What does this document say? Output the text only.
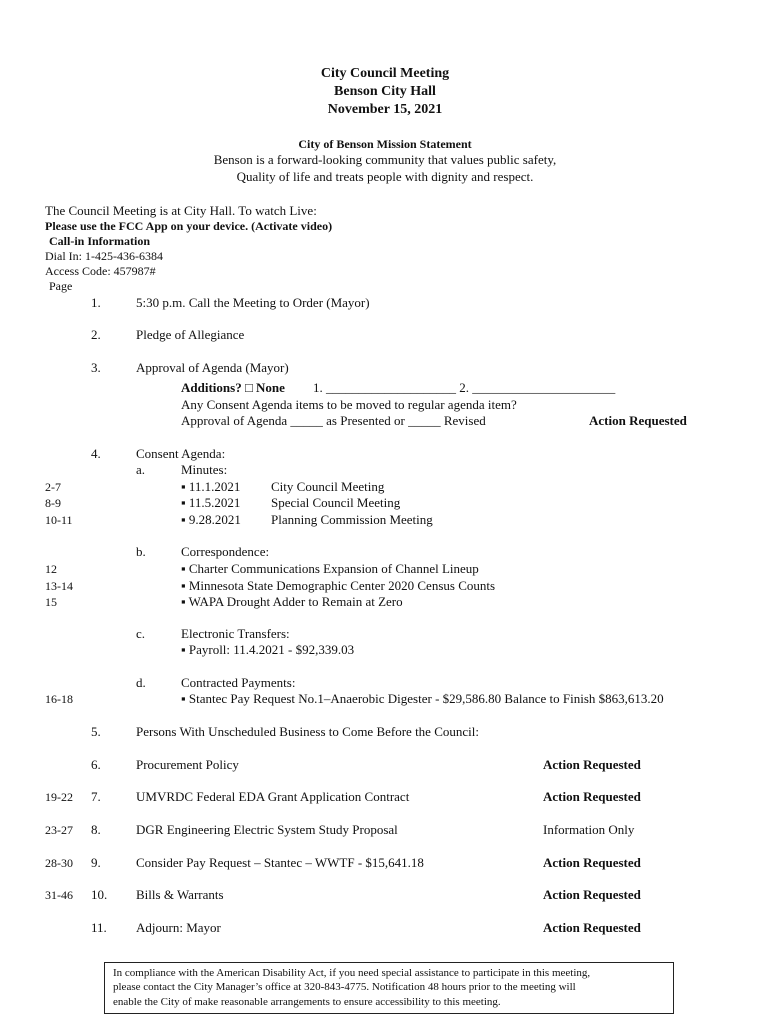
City Council Meeting
Benson City Hall
November 15, 2021
City of Benson Mission Statement
Benson is a forward-looking community that values public safety,
Quality of life and treats people with dignity and respect.
The Council Meeting is at City Hall. To watch Live:
Please use the FCC App on your device. (Activate video)
Call-in Information
Dial In: 1-425-436-6384
Access Code: 457987#
Page
1.	5:30 p.m. Call the Meeting to Order (Mayor)
2.	Pledge of Allegiance
3.	Approval of Agenda (Mayor)
Additions? □ None 1. ____________________ 2. ______________________
Any Consent Agenda items to be moved to regular agenda item?
Approval of Agenda _____ as Presented or _____ Revised	Action Requested
4.	Consent Agenda:
a.	Minutes:
2-7	▪ 11.1.2021 City Council Meeting
8-9	▪ 11.5.2021 Special Council Meeting
10-11	▪ 9.28.2021 Planning Commission Meeting
b.	Correspondence:
12	▪ Charter Communications Expansion of Channel Lineup
13-14	▪ Minnesota State Demographic Center 2020 Census Counts
15	▪ WAPA Drought Adder to Remain at Zero
c.	Electronic Transfers:
▪ Payroll: 11.4.2021 - $92,339.03
d.	Contracted Payments:
16-18	▪ Stantec Pay Request No.1–Anaerobic Digester - $29,586.80 Balance to Finish $863,613.20
5.	Persons With Unscheduled Business to Come Before the Council:
6.	Procurement Policy	Action Requested
19-22 7.	UMVRDC Federal EDA Grant Application Contract	Action Requested
23-27 8.	DGR Engineering Electric System Study Proposal	Information Only
28-30 9.	Consider Pay Request – Stantec – WWTF - $15,641.18	Action Requested
31-46 10. Bills & Warrants	Action Requested
11. Adjourn: Mayor	Action Requested
In compliance with the American Disability Act, if you need special assistance to participate in this meeting,
please contact the City Manager’s office at 320-843-4775. Notification 48 hours prior to the meeting will
enable the City of make reasonable arrangements to ensure accessibility to this meeting.
